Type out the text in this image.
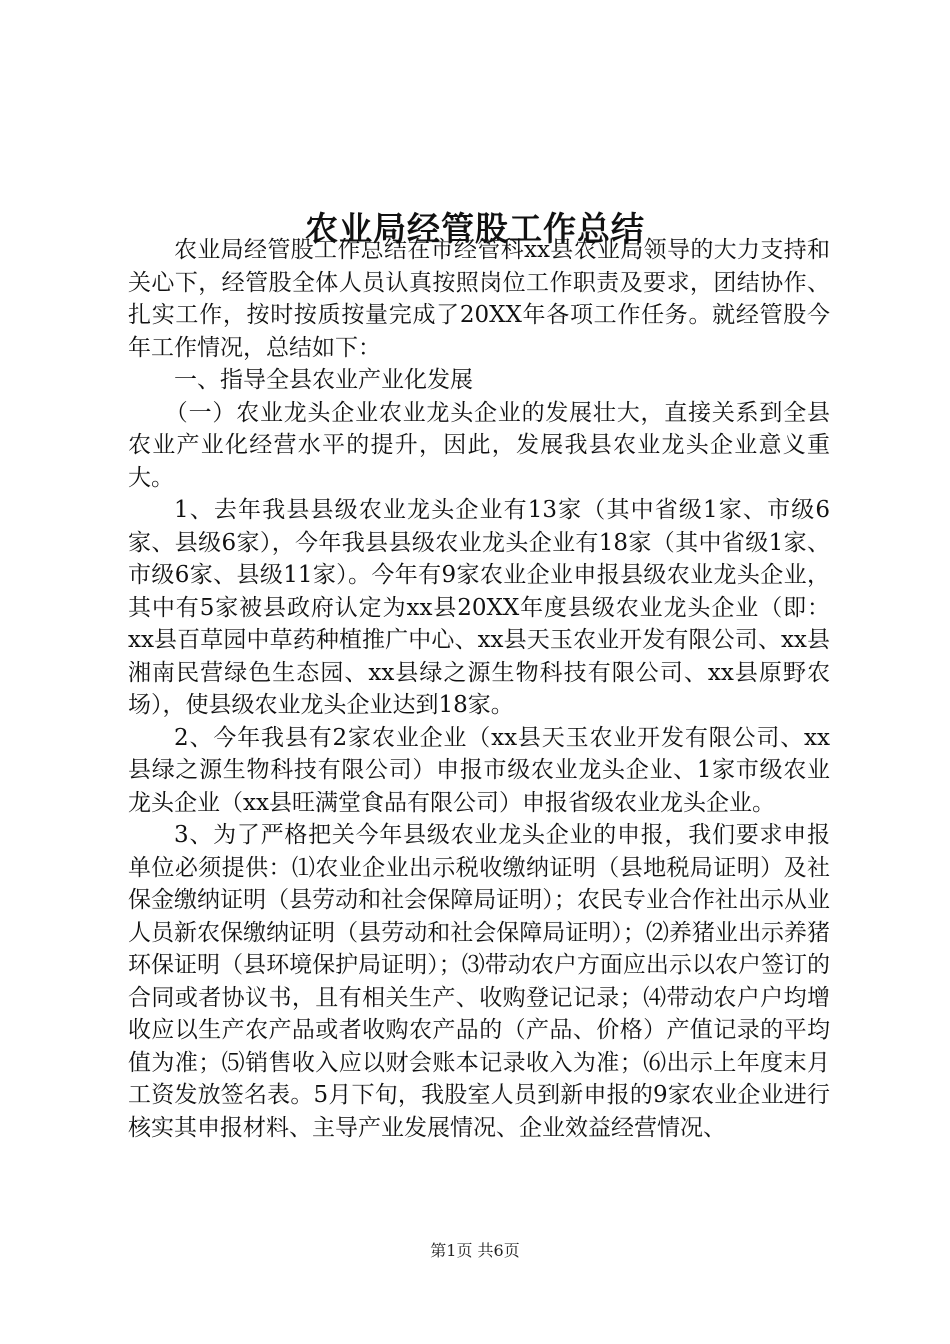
农业局经管股工作总结

农业局经管股工作总结在市经管科xx县农业局领导的大力支持和关心下，经管股全体人员认真按照岗位工作职责及要求，团结协作、扎实工作，按时按质按量完成了20XX年各项工作任务。就经管股今年工作情况，总结如下：

一、指导全县农业产业化发展

（一）农业龙头企业农业龙头企业的发展壮大，直接关系到全县农业产业化经营水平的提升，因此，发展我县农业龙头企业意义重大。

1、去年我县县级农业龙头企业有13家（其中省级1家、市级6家、县级6家），今年我县县级农业龙头企业有18家（其中省级1家、市级6家、县级11家）。今年有9家农业企业申报县级农业龙头企业，其中有5家被县政府认定为xx县20XX年度县级农业龙头企业（即：xx县百草园中草药种植推广中心、xx县天玉农业开发有限公司、xx县湘南民营绿色生态园、xx县绿之源生物科技有限公司、xx县原野农场），使县级农业龙头企业达到18家。

2、今年我县有2家农业企业（xx县天玉农业开发有限公司、xx县绿之源生物科技有限公司）申报市级农业龙头企业、1家市级农业龙头企业（xx县旺满堂食品有限公司）申报省级农业龙头企业。

3、为了严格把关今年县级农业龙头企业的申报，我们要求申报单位必须提供：⑴农业企业出示税收缴纳证明（县地税局证明）及社保金缴纳证明（县劳动和社会保障局证明）；农民专业合作社出示从业人员新农保缴纳证明（县劳动和社会保障局证明）；⑵养猪业出示养猪环保证明（县环境保护局证明）；⑶带动农户方面应出示以农户签订的合同或者协议书，且有相关生产、收购登记记录；⑷带动农户户均增收应以生产农产品或者收购农产品的（产品、价格）产值记录的平均值为准；⑸销售收入应以财会账本记录收入为准；⑹出示上年度末月工资发放签名表。5月下旬，我股室人员到新申报的9家农业企业进行核实其申报材料、主导产业发展情况、企业效益经营情况、

第1页 共6页
